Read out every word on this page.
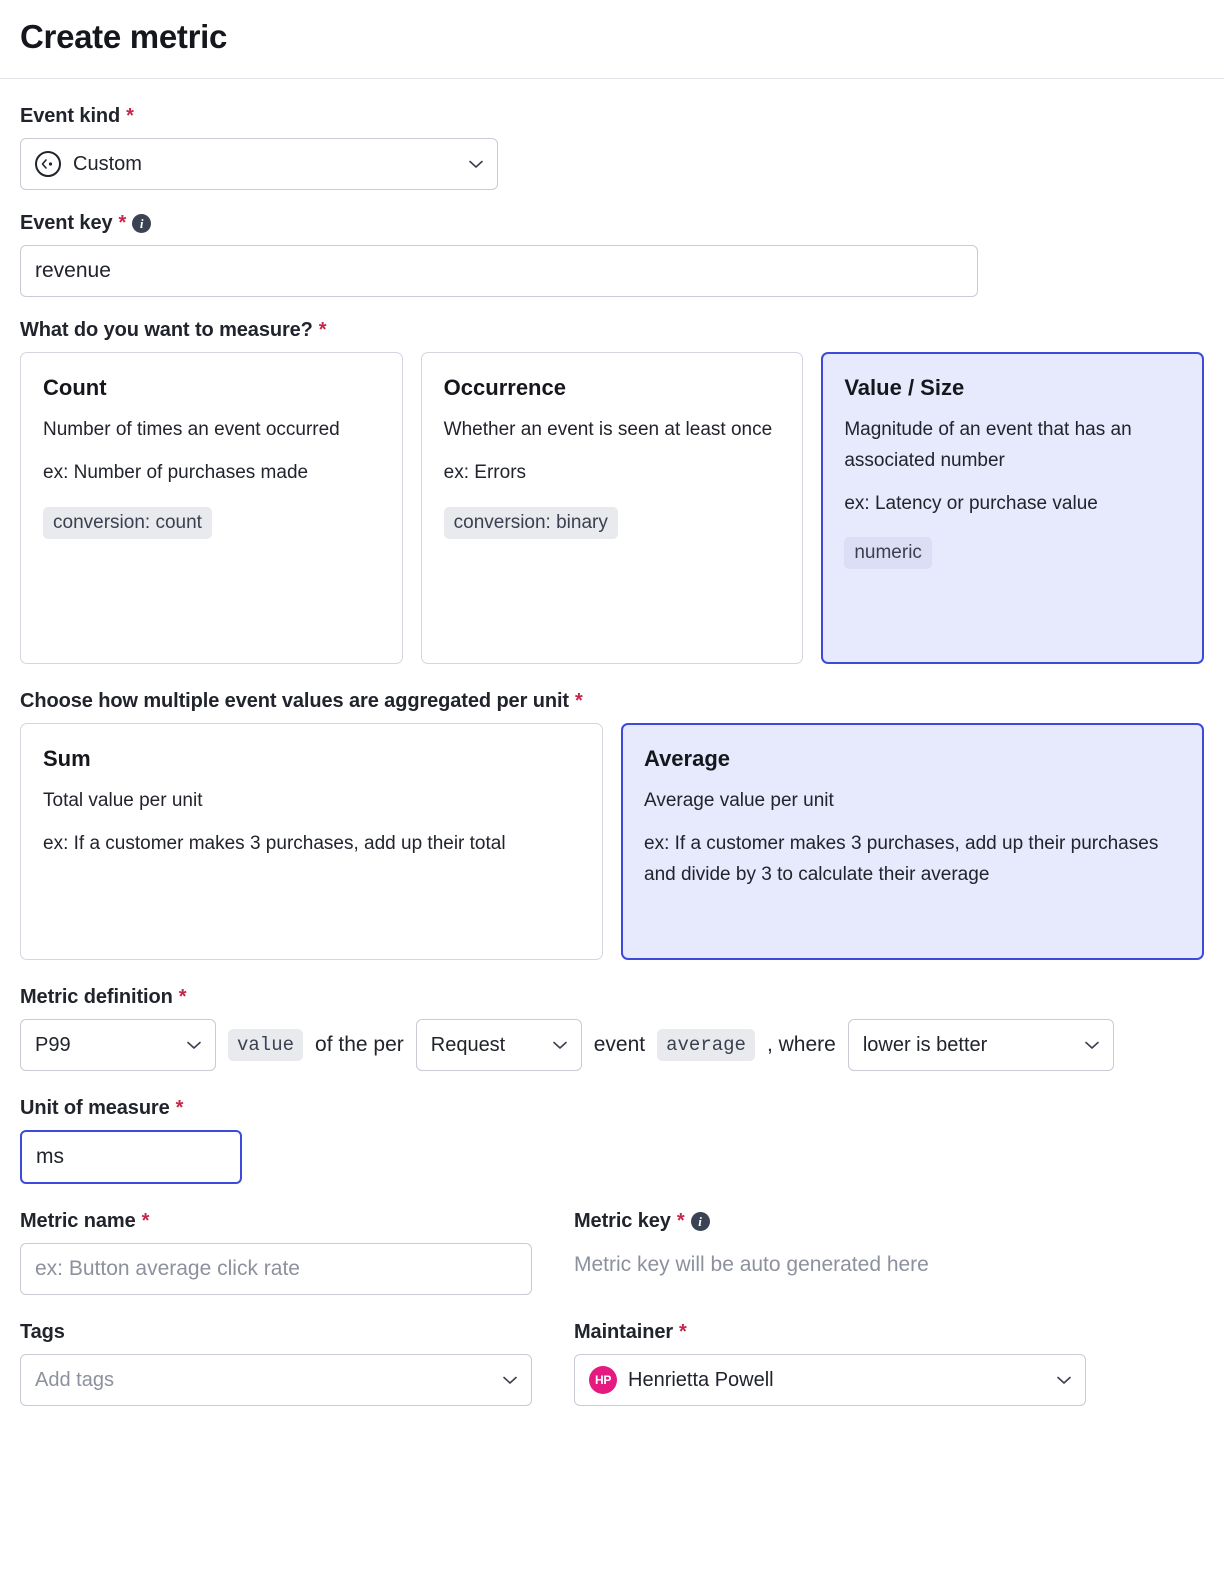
Create metric
Event kind *
Custom
Event key *	i
revenue
What do you want to measure? *
Count
Number of times an event occurred
ex: Number of purchases made
conversion: count
Occurrence
Whether an event is seen at least once
ex: Errors
conversion: binary
Value / Size
Magnitude of an event that has an associated number
ex: Latency or purchase value
numeric
Choose how multiple event values are aggregated per unit *
Sum
Total value per unit
ex: If a customer makes 3 purchases, add up their total
Average
Average value per unit
ex: If a customer makes 3 purchases, add up their purchases and divide by 3 to calculate their average
Metric definition *
P99	value	of the per Request	event	average	, where lower is better
Unit of measure *
ms
Metric name *
ex: Button average click rate	Metric key *	i
Metric key will be auto generated here
Tags
Add tags
Maintainer *
HP Henrietta Powell
